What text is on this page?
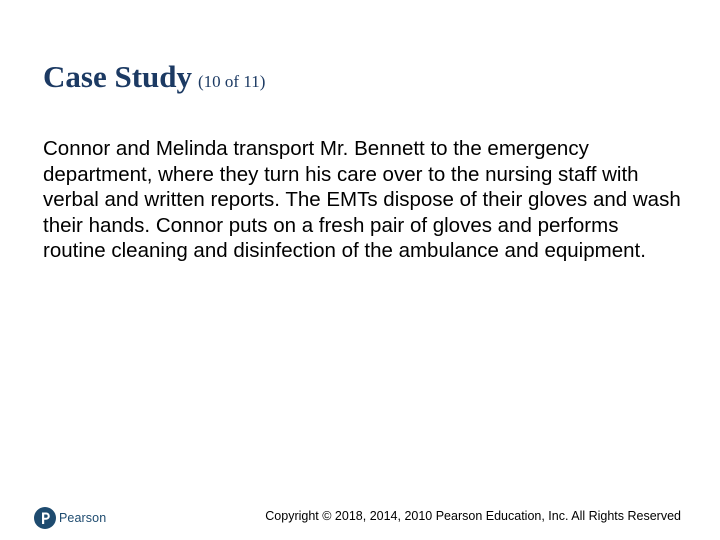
Case Study (10 of 11)

Connor and Melinda transport Mr. Bennett to the emergency department, where they turn his care over to the nursing staff with verbal and written reports. The EMTs dispose of their gloves and wash their hands. Connor puts on a fresh pair of gloves and performs routine cleaning and disinfection of the ambulance and equipment.

Pearson	Copyright © 2018, 2014, 2010 Pearson Education, Inc. All Rights Reserved
